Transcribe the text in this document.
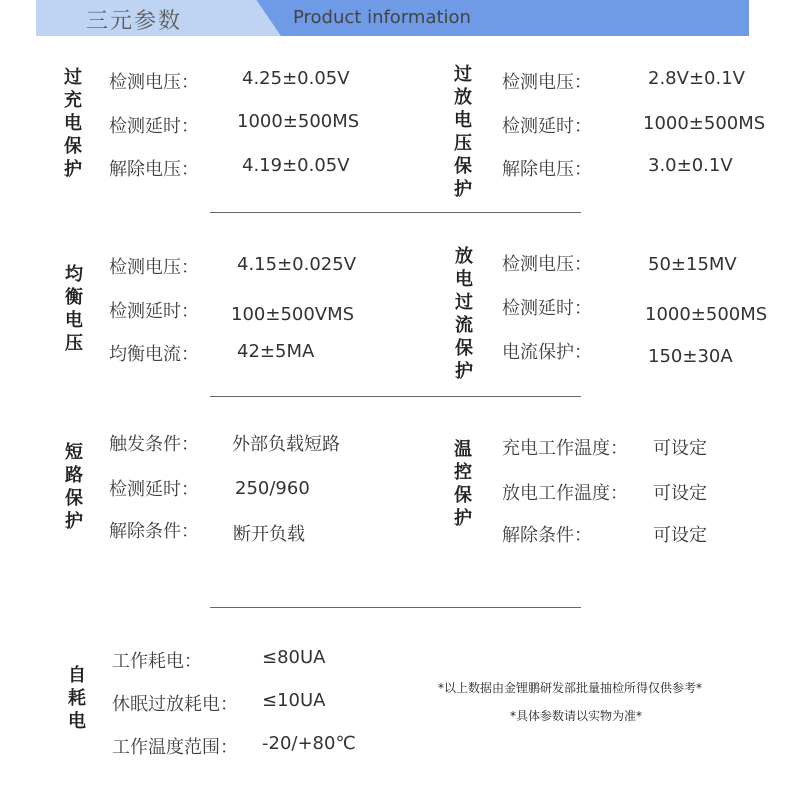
三元参数	Product information
过
充
电
保
护
检测电压： 4.25±0.05V
检测延时： 1000±500MS
解除电压： 4.19±0.05V
过
放
电
压
保
护
检测电压：	2.8V±0.1V
检测延时：	1000±500MS
解除电压：	3.0±0.1V
均
衡
电
压
检测电压： 4.15±0.025V
检测延时： 100±500VMS
均衡电流： 42±5MA
放
电
过
流
保
护
检测电压：	50±15MV
检测延时：	1000±500MS
电流保护：	150±30A
短
路
保
护
触发条件： 外部负载短路
检测延时： 250/960
解除条件： 断开负载
温
控
保
护
充电工作温度： 可设定
放电工作温度： 可设定
解除条件：	可设定
自
耗
电
工作耗电：	≤80UA
休眠过放耗电： ≤10UA
工作温度范围： -20/+80℃
*以上数据由金锂鹏研发部批量抽检所得仅供参考*
*具体参数请以实物为准*
